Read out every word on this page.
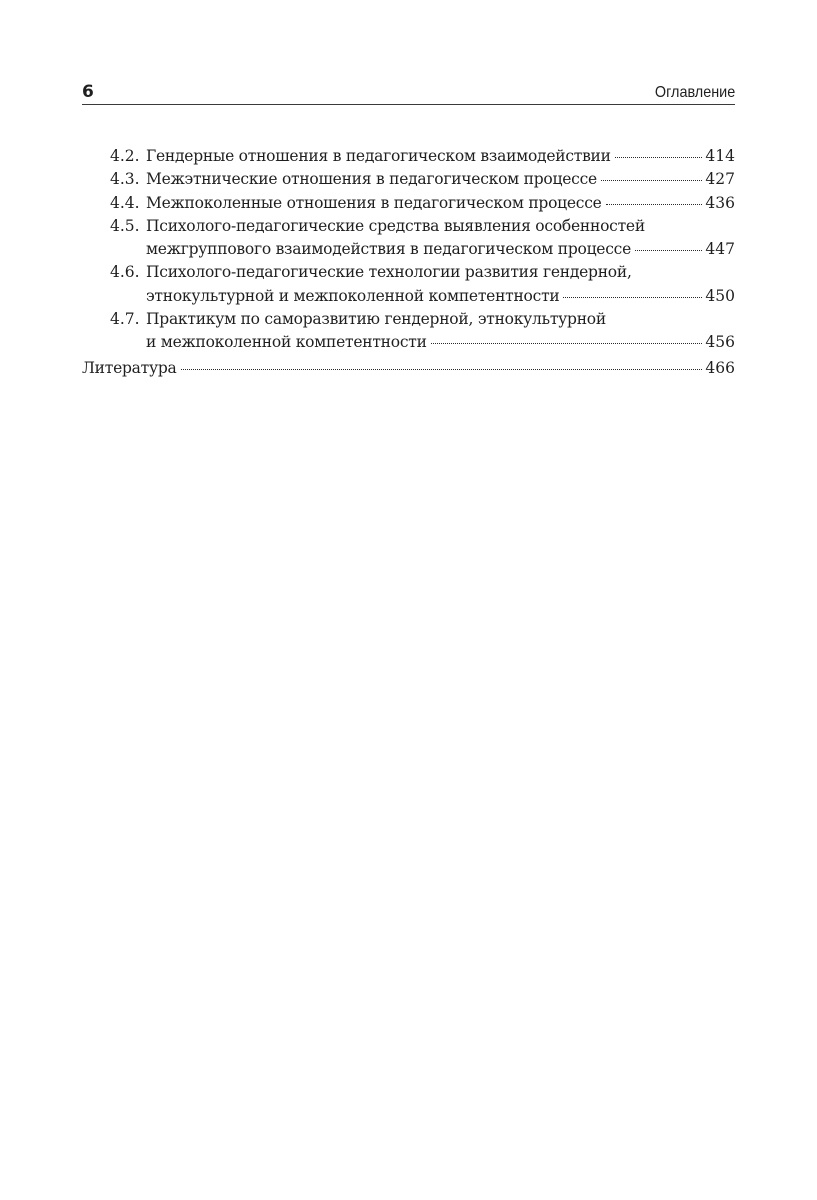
6	Оглавление
4.2. Гендерные отношения в педагогическом взаимодействии	414
4.3. Межэтнические отношения в педагогическом процессе	427
4.4. Межпоколенные отношения в педагогическом процессе	436
4.5. Психолого-педагогические средства выявления особенностей
межгруппового взаимодействия в педагогическом процессе	447
4.6. Психолого-педагогические технологии развития гендерной,
этнокультурной и межпоколенной компетентности	450
4.7. Практикум по саморазвитию гендерной, этнокультурной
и межпоколенной компетентности	456
Литература	466
